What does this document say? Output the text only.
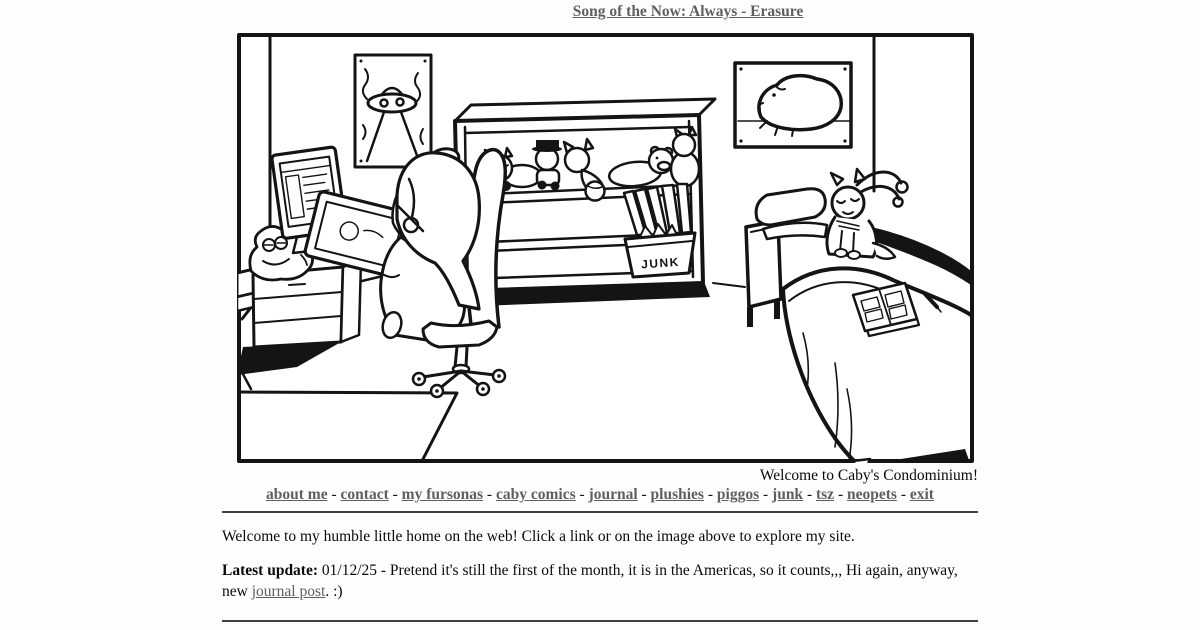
Song of the Now: Always - Erasure
JUNK
Welcome to Caby's Condominium!
about me - contact - my fursonas - caby comics - journal - plushies - piggos - junk - tsz - neopets - exit

Welcome to my humble little home on the web! Click a link or on the image above to explore my site.

Latest update: 01/12/25 - Pretend it's still the first of the month, it is in the Americas, so it counts,,, Hi again, anyway, new journal post. :)
